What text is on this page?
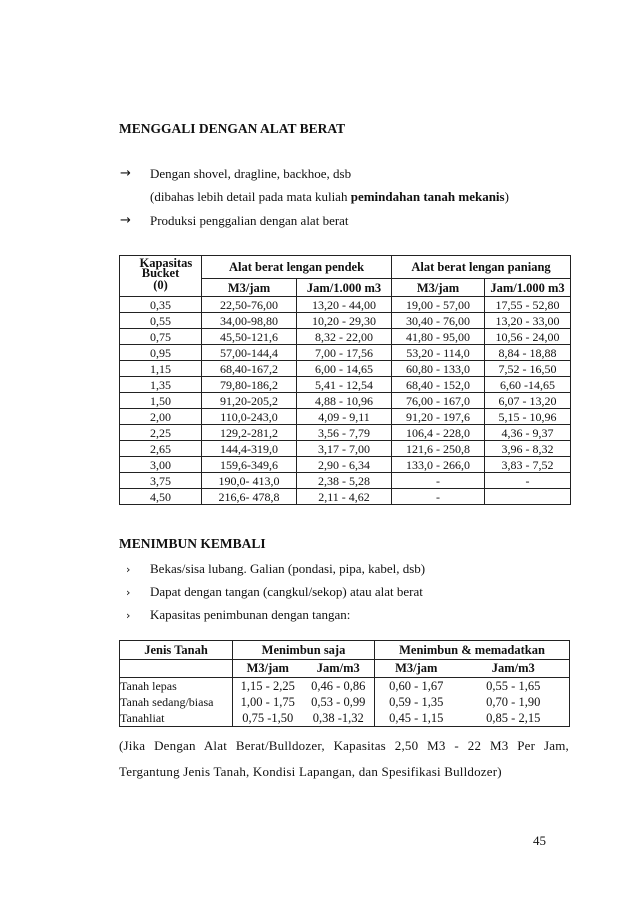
MENGGALI DENGAN ALAT BERAT
→ Dengan shovel, dragline, backhoe, dsb
(dibahas lebih detail pada mata kuliah pemindahan tanah mekanis)
→ Produksi penggalian dengan alat berat
Kapasitas Bucket
(0)	Alat berat lengan pendek		Alat berat lengan paniang	
	M3/jam	Jam/1.000 m3	M3/jam	Jam/1.000 m3
0,35	22,50-76,00	13,20 - 44,00	19,00 - 57,00	17,55 - 52,80
0,55	34,00-98,80	10,20 - 29,30	30,40 - 76,00	13,20 - 33,00
0,75	45,50-121,6	8,32 - 22,00	41,80 - 95,00	10,56 - 24,00
0,95	57,00-144,4	7,00 - 17,56	53,20 - 114,0	8,84 - 18,88
1,15	68,40-167,2	6,00 - 14,65	60,80 - 133,0	7,52 - 16,50
1,35	79,80-186,2	5,41 - 12,54	68,40 - 152,0	6,60 -14,65
1,50	91,20-205,2	4,88 - 10,96	76,00 - 167,0	6,07 - 13,20
2,00	110,0-243,0	4,09 - 9,11	91,20 - 197,6	5,15 - 10,96
2,25	129,2-281,2	3,56 - 7,79	106,4 - 228,0	4,36 - 9,37
2,65	144,4-319,0	3,17 - 7,00	121,6 - 250,8	3,96 - 8,32
3,00	159,6-349,6	2,90 - 6,34	133,0 - 266,0	3,83 - 7,52
3,75	190,0- 413,0	2,38 - 5,28	-	-
4,50	216,6- 478,8	2,11 - 4,62	-	
MENIMBUN KEMBALI
› Bekas/sisa lubang. Galian (pondasi, pipa, kabel, dsb)
› Dapat dengan tangan (cangkul/sekop) atau alat berat
› Kapasitas penimbunan dengan tangan:
Jenis Tanah	Menimbun saja		Menimbun & memadatkan	
	M3/jam	Jam/m3	M3/jam	Jam/m3
Tanah lepas	1,15 - 2,25	0,46 - 0,86	0,60 - 1,67	0,55 - 1,65
Tanah sedang/biasa	1,00 - 1,75	0,53 - 0,99	0,59 - 1,35	0,70 - 1,90
Tanahliat	0,75 -1,50	0,38 -1,32	0,45 - 1,15	0,85 - 2,15
(Jika Dengan Alat Berat/Bulldozer, Kapasitas 2,50 M3 - 22 M3 Per Jam,
Tergantung Jenis Tanah, Kondisi Lapangan, dan Spesifikasi Bulldozer)
45
